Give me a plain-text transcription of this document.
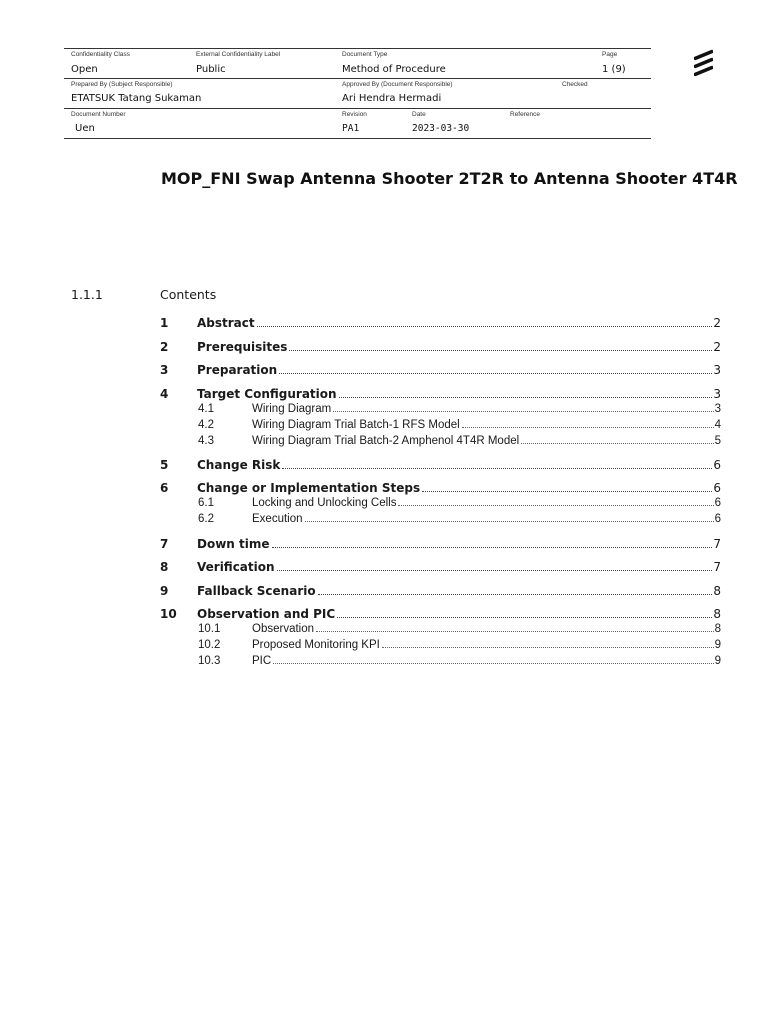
Confidentiality Class	External Confidentiality Label	Document Type	Page
Open	Public	Method of Procedure	1 (9)
Prepared By (Subject Responsible)	Approved By (Document Responsible)	Checked
ETATSUK Tatang Sukaman	Ari Hendra Hermadi
Document Number	Revision	Date	Reference
Uen	PA1	2023-03-30
MOP_FNI Swap Antenna Shooter 2T2R to Antenna Shooter 4T4R
1.1.1	Contents
1	Abstract	2
2	Prerequisites	2
3	Preparation	3
4	Target Configuration	3
4.1	Wiring Diagram	3
4.2	Wiring Diagram Trial Batch-1 RFS Model	4
4.3	Wiring Diagram Trial Batch-2 Amphenol 4T4R Model	5
5	Change Risk	6
6	Change or Implementation Steps	6
6.1	Locking and Unlocking Cells	6
6.2	Execution	6
7	Down time	7
8	Verification	7
9	Fallback Scenario	8
10	Observation and PIC	8
10.1	Observation	8
10.2	Proposed Monitoring KPI	9
10.3	PIC	9
